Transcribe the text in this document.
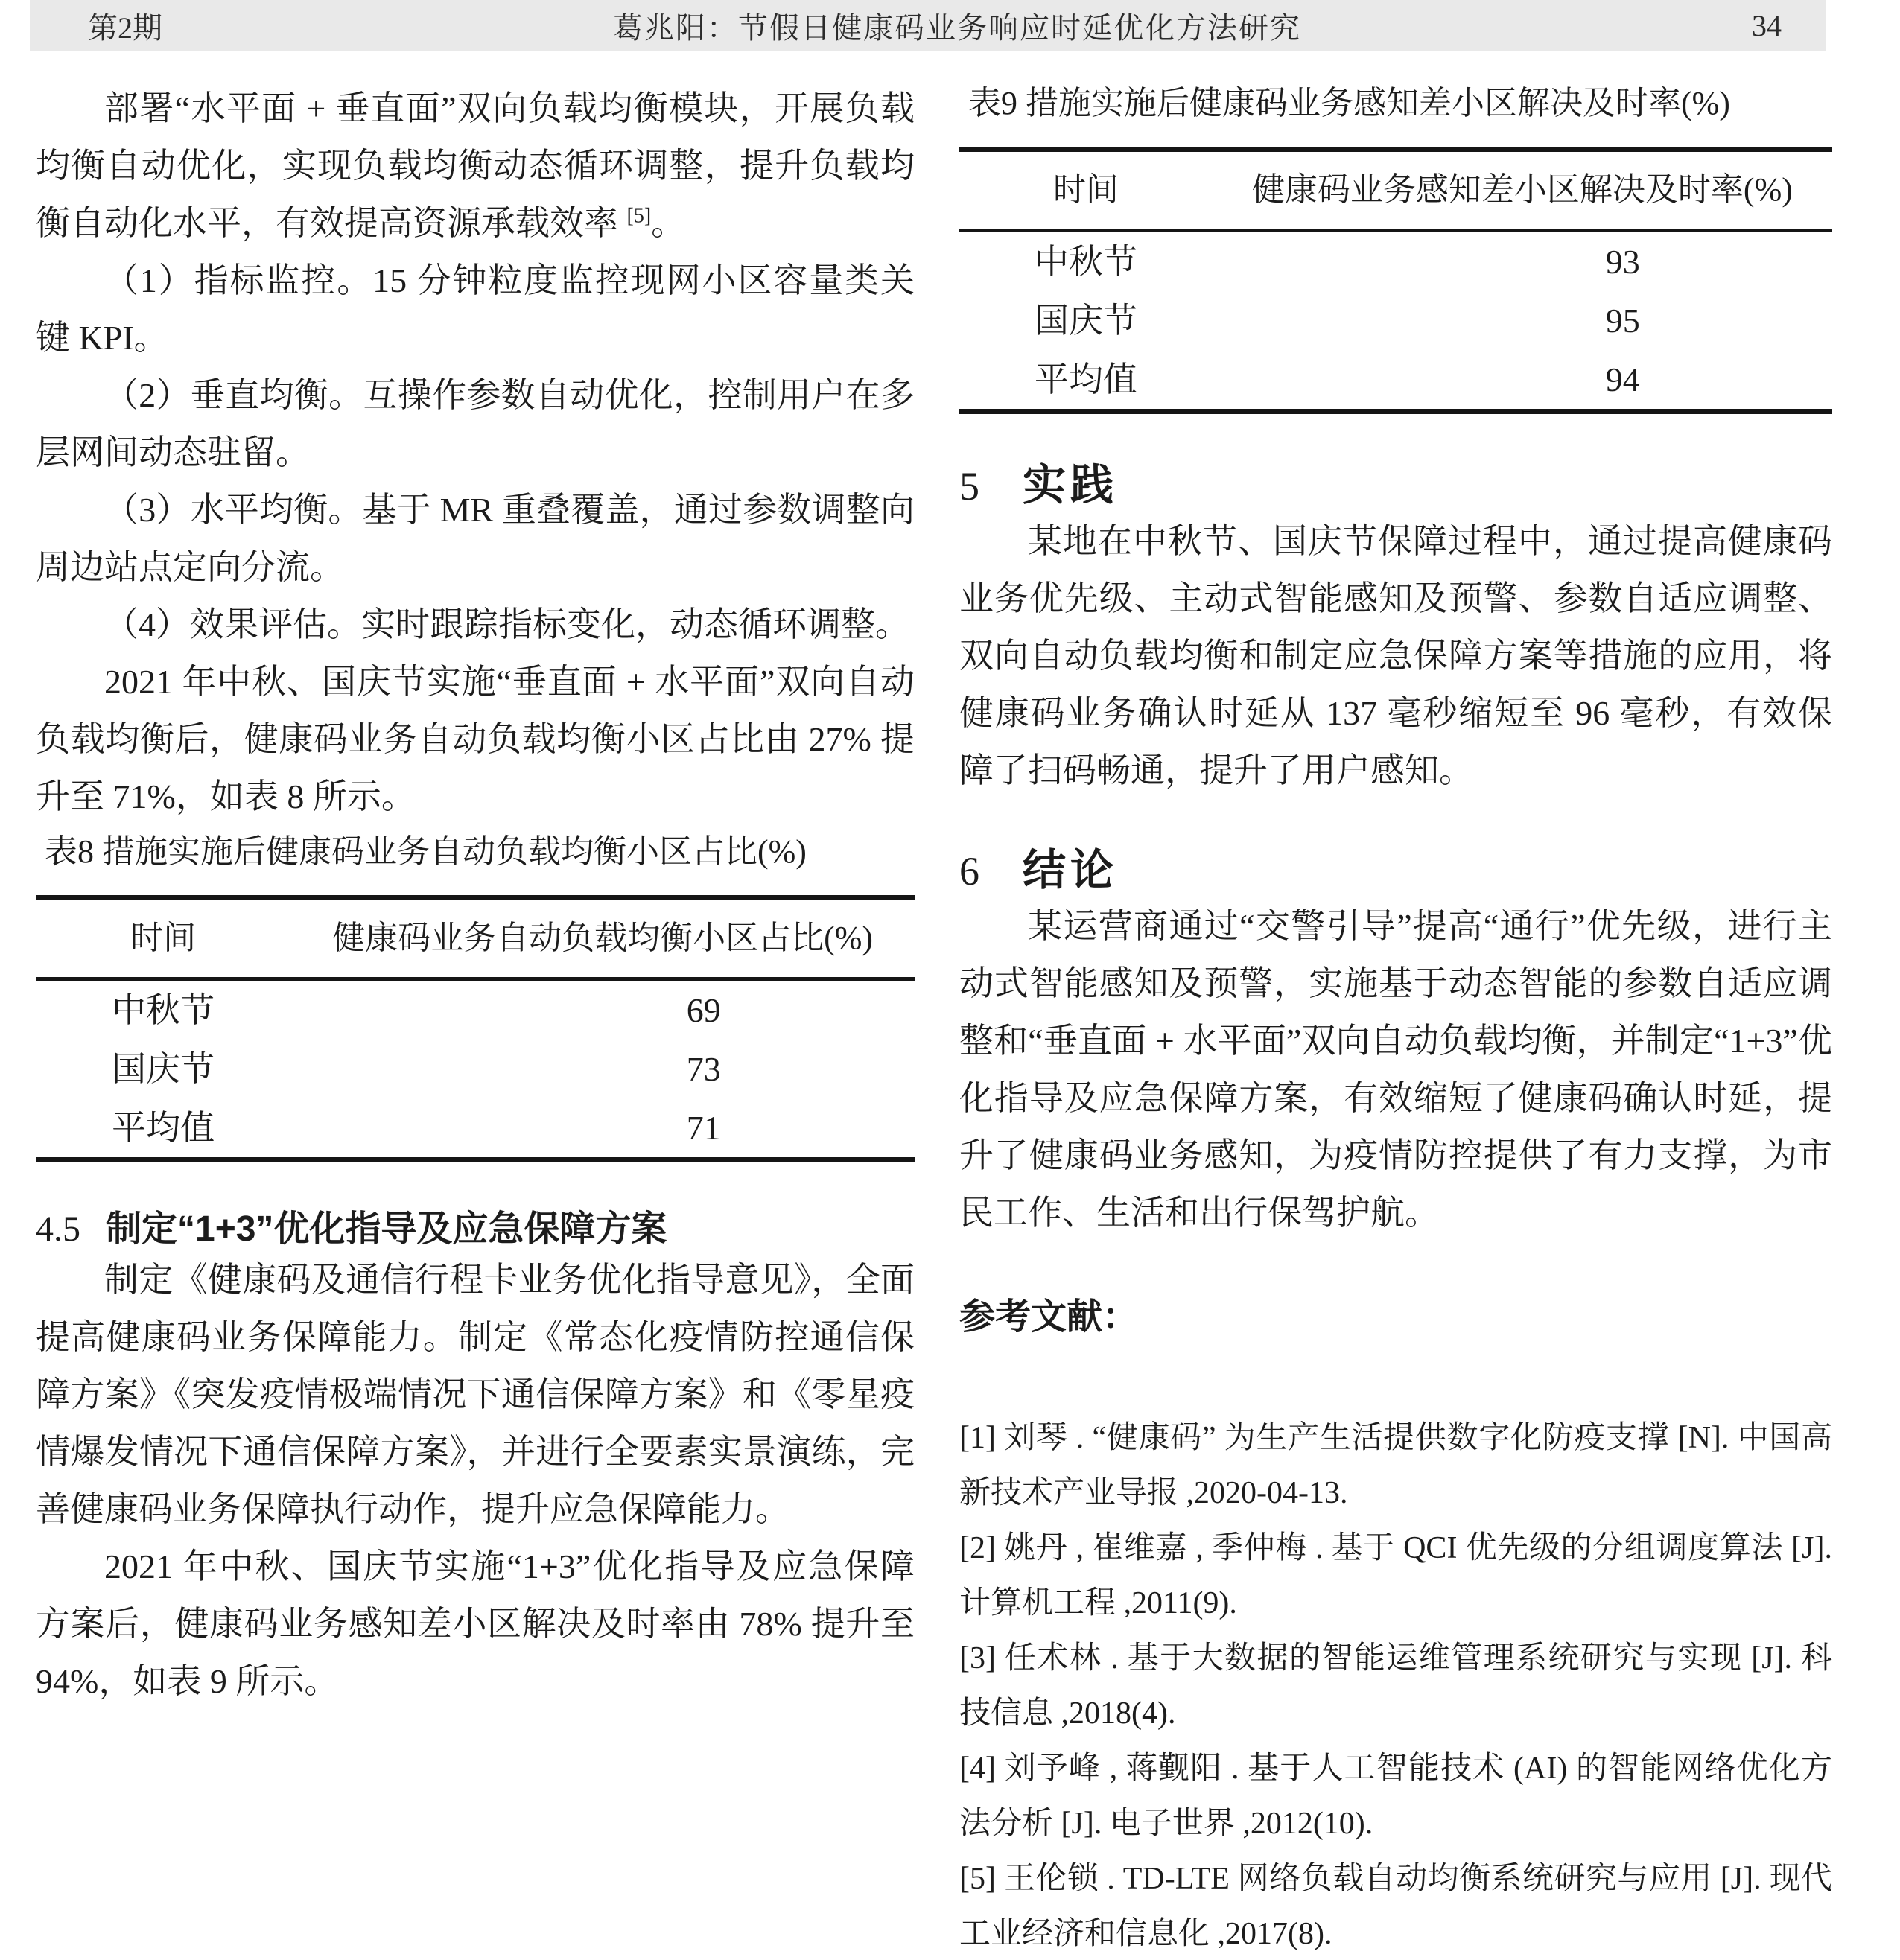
第2期	葛兆阳：节假日健康码业务响应时延优化方法研究	34

部署“水平面 + 垂直面”双向负载均衡模块，开展负载均衡自动优化，实现负载均衡动态循环调整，提升负载均衡自动化水平，有效提高资源承载效率 [5]。

（1）指标监控。15 分钟粒度监控现网小区容量类关键 KPI。

（2）垂直均衡。互操作参数自动优化，控制用户在多层网间动态驻留。

（3）水平均衡。基于 MR 重叠覆盖，通过参数调整向周边站点定向分流。

（4）效果评估。实时跟踪指标变化，动态循环调整。

2021 年中秋、国庆节实施“垂直面 + 水平面”双向自动负载均衡后，健康码业务自动负载均衡小区占比由 27% 提升至 71%，如表 8 所示。

表8 措施实施后健康码业务自动负载均衡小区占比(%)

时间	健康码业务自动负载均衡小区占比(%)
中秋节	69
国庆节	73
平均值	71
4.5 制定“1+3”优化指导及应急保障方案

制定《健康码及通信行程卡业务优化指导意见》，全面提高健康码业务保障能力。制定《常态化疫情防控通信保障方案》《突发疫情极端情况下通信保障方案》和《零星疫情爆发情况下通信保障方案》，并进行全要素实景演练，完善健康码业务保障执行动作，提升应急保障能力。

2021 年中秋、国庆节实施“1+3”优化指导及应急保障方案后，健康码业务感知差小区解决及时率由 78% 提升至 94%，如表 9 所示。

表9 措施实施后健康码业务感知差小区解决及时率(%)

时间	健康码业务感知差小区解决及时率(%)
中秋节	93
国庆节	95
平均值	94
5 实践

某地在中秋节、国庆节保障过程中，通过提高健康码业务优先级、主动式智能感知及预警、参数自适应调整、双向自动负载均衡和制定应急保障方案等措施的应用，将健康码业务确认时延从 137 毫秒缩短至 96 毫秒，有效保障了扫码畅通，提升了用户感知。

6 结论

某运营商通过“交警引导”提高“通行”优先级，进行主动式智能感知及预警，实施基于动态智能的参数自适应调整和“垂直面 + 水平面”双向自动负载均衡，并制定“1+3”优化指导及应急保障方案，有效缩短了健康码确认时延，提升了健康码业务感知，为疫情防控提供了有力支撑，为市民工作、生活和出行保驾护航。

参考文献：

[1] 刘琴 . “健康码” 为生产生活提供数字化防疫支撑 [N]. 中国高新技术产业导报 ,2020-04-13.

[2] 姚丹 , 崔维嘉 , 季仲梅 . 基于 QCI 优先级的分组调度算法 [J]. 计算机工程 ,2011(9).

[3] 任术林 . 基于大数据的智能运维管理系统研究与实现 [J]. 科技信息 ,2018(4).

[4] 刘予峰 , 蒋觐阳 . 基于人工智能技术 (AI) 的智能网络优化方法分析 [J]. 电子世界 ,2012(10).

[5] 王伦锁 . TD-LTE 网络负载自动均衡系统研究与应用 [J]. 现代工业经济和信息化 ,2017(8).
